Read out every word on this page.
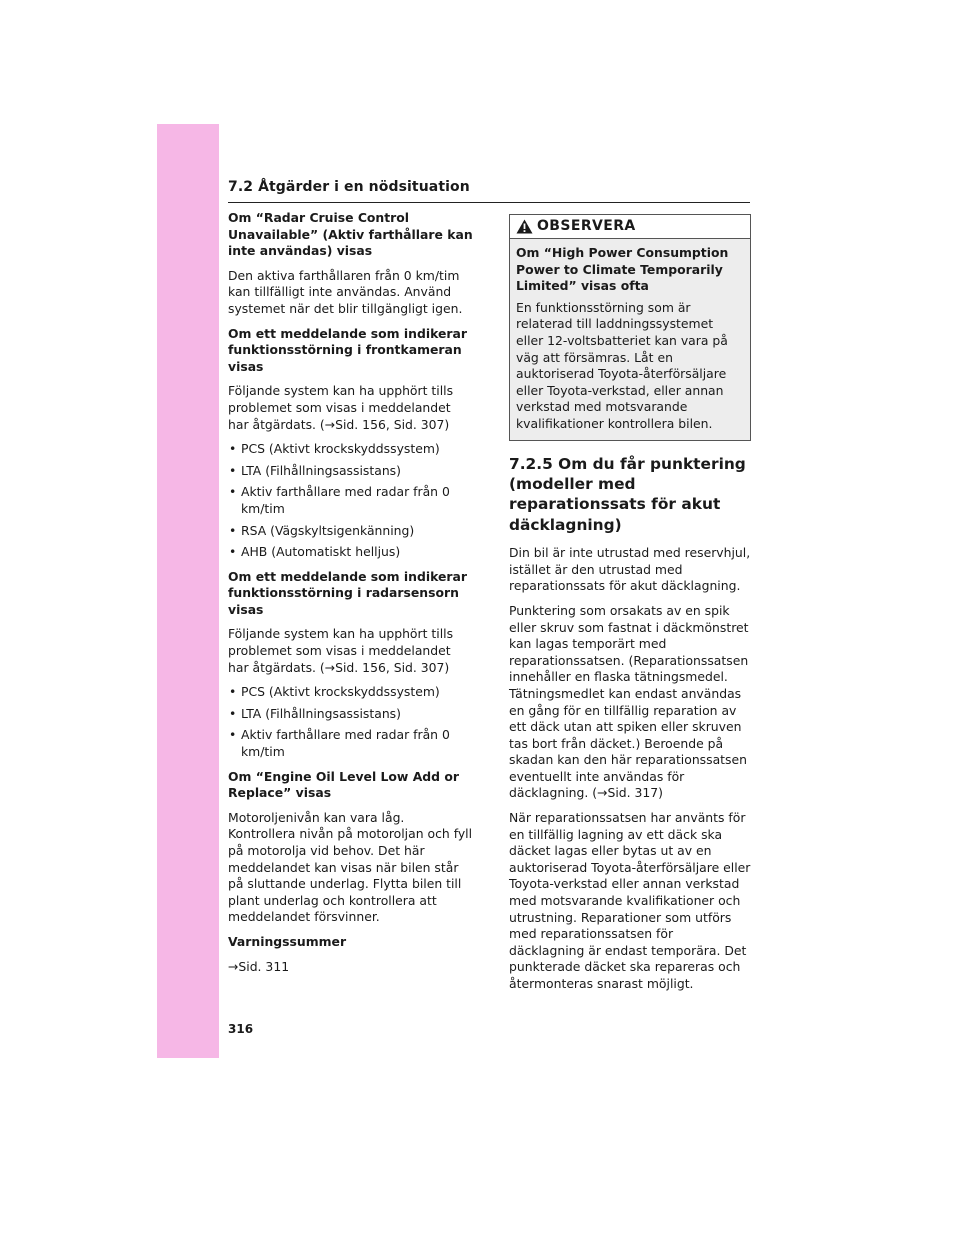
7.2 Åtgärder i en nödsituation

Om “Radar Cruise Control Unavailable” (Aktiv farthållare kan inte användas) visas

Den aktiva farthållaren från 0 km/tim kan tillfälligt inte användas. Använd systemet när det blir tillgängligt igen.

Om ett meddelande som indikerar funktionsstörning i frontkameran visas

Följande system kan ha upphört tills problemet som visas i meddelandet har åtgärdats. (→Sid. 156, Sid. 307)

• PCS (Aktivt krockskyddssystem)
• LTA (Filhållningsassistans)
• Aktiv farthållare med radar från 0 km/tim
• RSA (Vägskyltsigenkänning)
• AHB (Automatiskt helljus)

Om ett meddelande som indikerar funktionsstörning i radarsensorn visas

Följande system kan ha upphört tills problemet som visas i meddelandet har åtgärdats. (→Sid. 156, Sid. 307)

• PCS (Aktivt krockskyddssystem)
• LTA (Filhållningsassistans)
• Aktiv farthållare med radar från 0 km/tim

Om “Engine Oil Level Low Add or Replace” visas

Motoroljenivån kan vara låg. Kontrollera nivån på motoroljan och fyll på motorolja vid behov. Det här meddelandet kan visas när bilen står på sluttande underlag. Flytta bilen till plant underlag och kontrollera att meddelandet försvinner.

Varningssummer

→Sid. 311

OBSERVERA

Om “High Power Consumption Power to Climate Temporarily Limited” visas ofta

En funktionsstörning som är relaterad till laddningssystemet eller 12-voltsbatteriet kan vara på väg att försämras. Låt en auktoriserad Toyota-återförsäljare eller Toyota-verkstad, eller annan verkstad med motsvarande kvalifikationer kontrollera bilen.

7.2.5 Om du får punktering (modeller med reparationssats för akut däcklagning)

Din bil är inte utrustad med reservhjul, istället är den utrustad med reparationssats för akut däcklagning.

Punktering som orsakats av en spik eller skruv som fastnat i däckmönstret kan lagas temporärt med reparationssatsen. (Reparationssatsen innehåller en flaska tätningsmedel. Tätningsmedlet kan endast användas en gång för en tillfällig reparation av ett däck utan att spiken eller skruven tas bort från däcket.) Beroende på skadan kan den här reparationssatsen eventuellt inte användas för däcklagning. (→Sid. 317)

När reparationssatsen har använts för en tillfällig lagning av ett däck ska däcket lagas eller bytas ut av en auktoriserad Toyota-återförsäljare eller Toyota-verkstad eller annan verkstad med motsvarande kvalifikationer och utrustning. Reparationer som utförs med reparationssatsen för däcklagning är endast temporära. Det punkterade däcket ska repareras och återmonteras snarast möjligt.

316
